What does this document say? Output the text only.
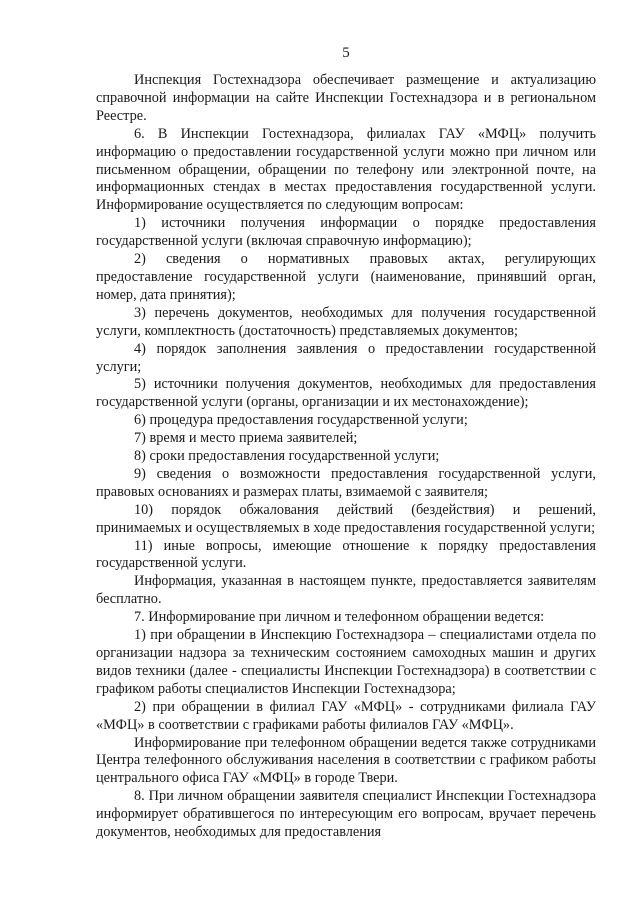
5

Инспекция Гостехнадзора обеспечивает размещение и актуализацию справочной информации на сайте Инспекции Гостехнадзора и в региональном Реестре.

6. В Инспекции Гостехнадзора, филиалах ГАУ «МФЦ» получить информацию о предоставлении государственной услуги можно при личном или письменном обращении, обращении по телефону или электронной почте, на информационных стендах в местах предоставления государственной услуги. Информирование осуществляется по следующим вопросам:

1) источники получения информации о порядке предоставления государственной услуги (включая справочную информацию);

2) сведения о нормативных правовых актах, регулирующих предоставление государственной услуги (наименование, принявший орган, номер, дата принятия);

3) перечень документов, необходимых для получения государственной услуги, комплектность (достаточность) представляемых документов;

4) порядок заполнения заявления о предоставлении государственной услуги;

5) источники получения документов, необходимых для предоставления государственной услуги (органы, организации и их местонахождение);

6) процедура предоставления государственной услуги;

7) время и место приема заявителей;

8) сроки предоставления государственной услуги;

9) сведения о возможности предоставления государственной услуги, правовых основаниях и размерах платы, взимаемой с заявителя;

10) порядок обжалования действий (бездействия) и решений, принимаемых и осуществляемых в ходе предоставления государственной услуги;

11) иные вопросы, имеющие отношение к порядку предоставления государственной услуги.

Информация, указанная в настоящем пункте, предоставляется заявителям бесплатно.

7. Информирование при личном и телефонном обращении ведется:

1) при обращении в Инспекцию Гостехнадзора – специалистами отдела по организации надзора за техническим состоянием самоходных машин и других видов техники (далее - специалисты Инспекции Гостехнадзора) в соответствии с графиком работы специалистов Инспекции Гостехнадзора;

2) при обращении в филиал ГАУ «МФЦ» - сотрудниками филиала ГАУ «МФЦ» в соответствии с графиками работы филиалов ГАУ «МФЦ».

Информирование при телефонном обращении ведется также сотрудниками Центра телефонного обслуживания населения в соответствии с графиком работы центрального офиса ГАУ «МФЦ» в городе Твери.

8. При личном обращении заявителя специалист Инспекции Гостехнадзора информирует обратившегося по интересующим его вопросам, вручает перечень документов, необходимых для предоставления
